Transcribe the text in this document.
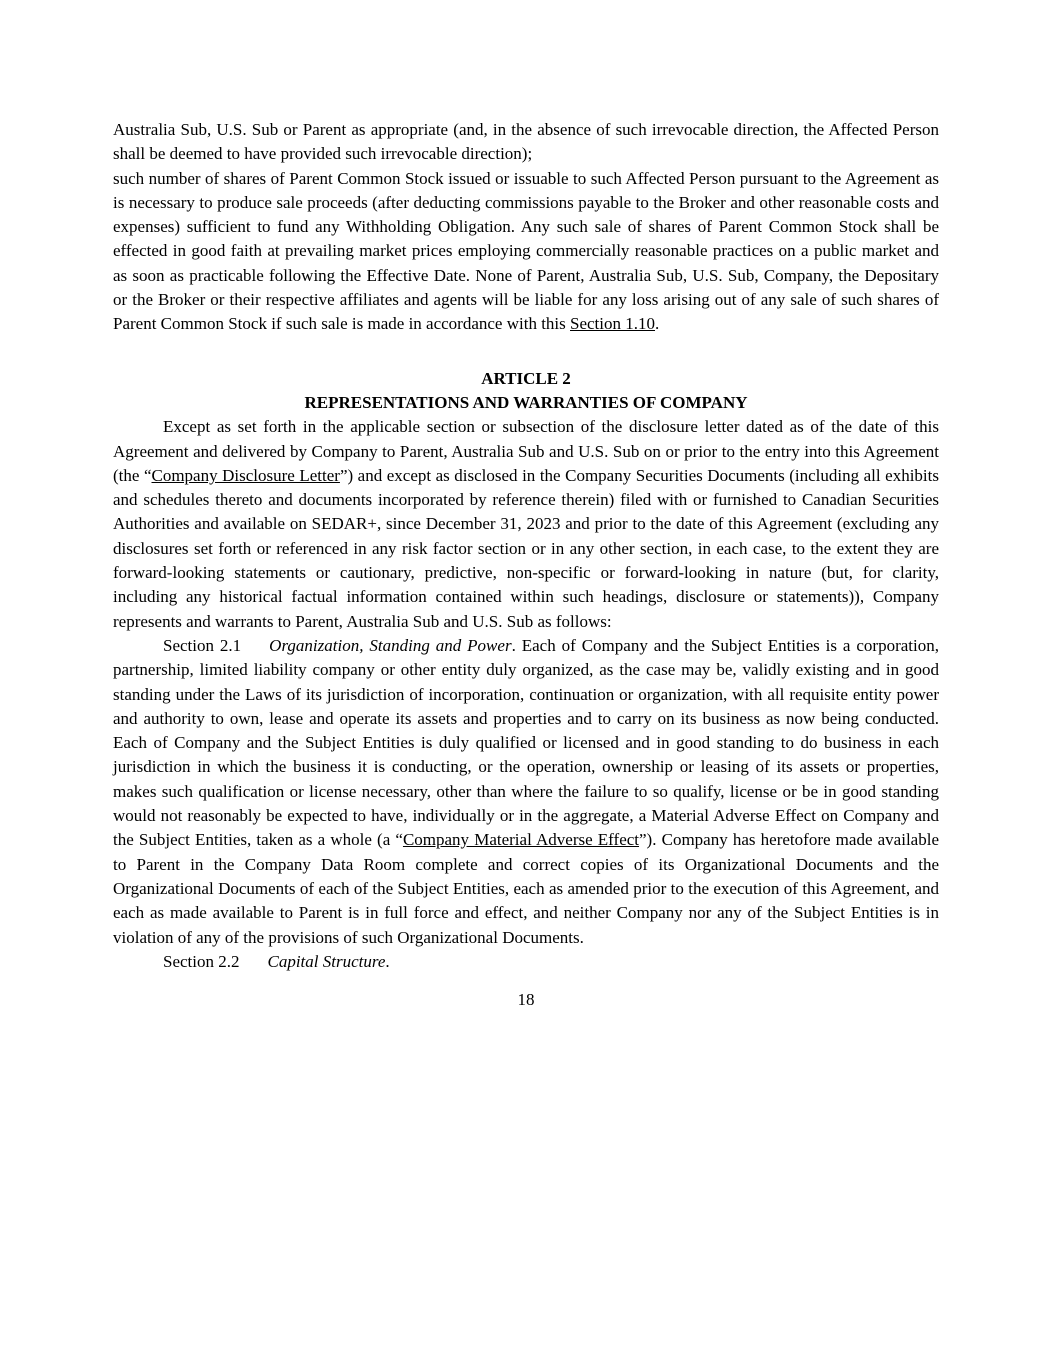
Australia Sub, U.S. Sub or Parent as appropriate (and, in the absence of such irrevocable direction, the Affected Person shall be deemed to have provided such irrevocable direction);

such number of shares of Parent Common Stock issued or issuable to such Affected Person pursuant to the Agreement as is necessary to produce sale proceeds (after deducting commissions payable to the Broker and other reasonable costs and expenses) sufficient to fund any Withholding Obligation. Any such sale of shares of Parent Common Stock shall be effected in good faith at prevailing market prices employing commercially reasonable practices on a public market and as soon as practicable following the Effective Date. None of Parent, Australia Sub, U.S. Sub, Company, the Depositary or the Broker or their respective affiliates and agents will be liable for any loss arising out of any sale of such shares of Parent Common Stock if such sale is made in accordance with this Section 1.10.

ARTICLE 2
REPRESENTATIONS AND WARRANTIES OF COMPANY

Except as set forth in the applicable section or subsection of the disclosure letter dated as of the date of this Agreement and delivered by Company to Parent, Australia Sub and U.S. Sub on or prior to the entry into this Agreement (the “Company Disclosure Letter”) and except as disclosed in the Company Securities Documents (including all exhibits and schedules thereto and documents incorporated by reference therein) filed with or furnished to Canadian Securities Authorities and available on SEDAR+, since December 31, 2023 and prior to the date of this Agreement (excluding any disclosures set forth or referenced in any risk factor section or in any other section, in each case, to the extent they are forward-looking statements or cautionary, predictive, non-specific or forward-looking in nature (but, for clarity, including any historical factual information contained within such headings, disclosure or statements)), Company represents and warrants to Parent, Australia Sub and U.S. Sub as follows:

Section 2.1 Organization, Standing and Power. Each of Company and the Subject Entities is a corporation, partnership, limited liability company or other entity duly organized, as the case may be, validly existing and in good standing under the Laws of its jurisdiction of incorporation, continuation or organization, with all requisite entity power and authority to own, lease and operate its assets and properties and to carry on its business as now being conducted. Each of Company and the Subject Entities is duly qualified or licensed and in good standing to do business in each jurisdiction in which the business it is conducting, or the operation, ownership or leasing of its assets or properties, makes such qualification or license necessary, other than where the failure to so qualify, license or be in good standing would not reasonably be expected to have, individually or in the aggregate, a Material Adverse Effect on Company and the Subject Entities, taken as a whole (a “Company Material Adverse Effect”). Company has heretofore made available to Parent in the Company Data Room complete and correct copies of its Organizational Documents and the Organizational Documents of each of the Subject Entities, each as amended prior to the execution of this Agreement, and each as made available to Parent is in full force and effect, and neither Company nor any of the Subject Entities is in violation of any of the provisions of such Organizational Documents.

Section 2.2 Capital Structure.

18
